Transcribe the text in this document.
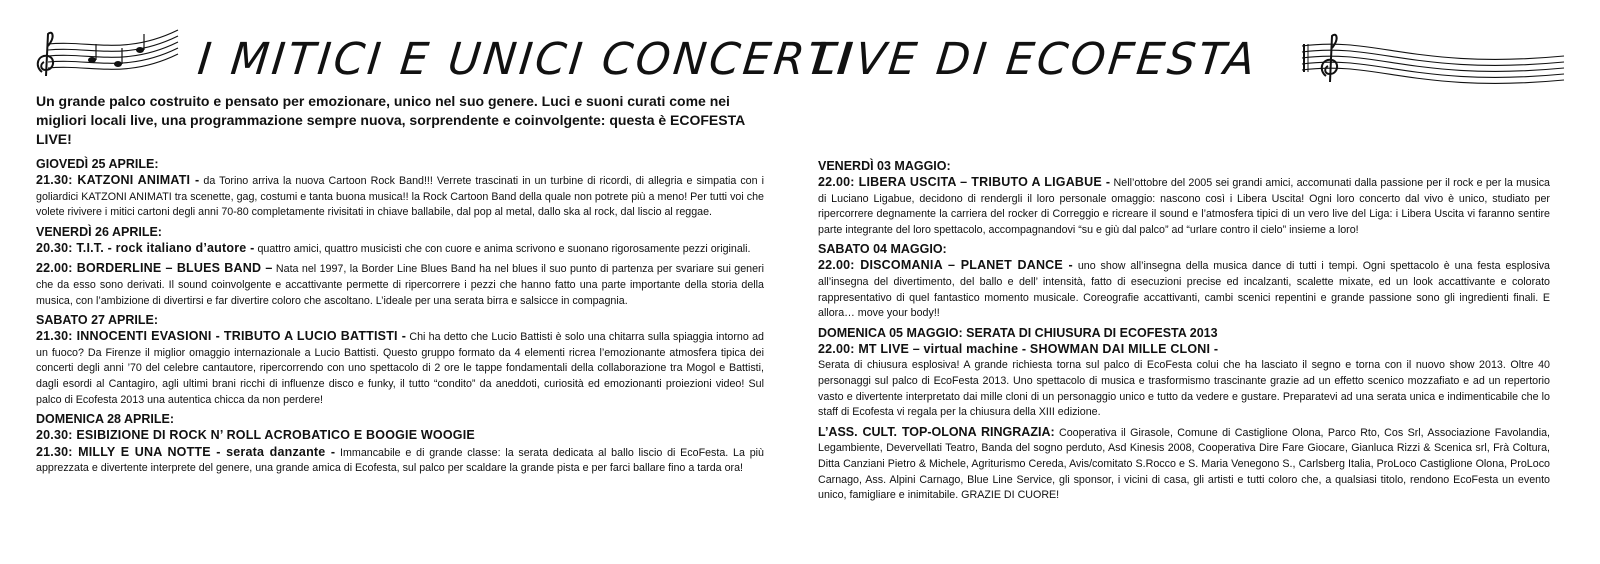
I MITICI E UNICI CONCERTI
LIVE DI ECOFESTA

Un grande palco costruito e pensato per emozionare, unico nel suo genere. Luci e suoni curati come nei migliori locali live, una programmazione sempre nuova, sorprendente e coinvolgente: questa è ECOFESTA LIVE!

GIOVEDÌ 25 APRILE:

21.30: KATZONI ANIMATI - da Torino arriva la nuova Cartoon Rock Band!!! Verrete trascinati in un turbine di ricordi, di allegria e simpatia con i goliardici KATZONI ANIMATI tra scenette, gag, costumi e tanta buona musica!! la Rock Cartoon Band della quale non potrete più a meno! Per tutti voi che volete rivivere i mitici cartoni degli anni 70-80 completamente rivisitati in chiave ballabile, dal pop al metal, dallo ska al rock, dal liscio al reggae.

VENERDÌ 26 APRILE:

20.30: T.I.T. - rock italiano d’autore - quattro amici, quattro musicisti che con cuore e anima scrivono e suonano rigorosamente pezzi originali.

22.00: BORDERLINE – BLUES BAND – Nata nel 1997, la Border Line Blues Band ha nel blues il suo punto di partenza per svariare sui generi che da esso sono derivati. Il sound coinvolgente e accattivante permette di ripercorrere i pezzi che hanno fatto una parte importante della storia della musica, con l’ambizione di divertirsi e far divertire coloro che ascoltano. L’ideale per una serata birra e salsicce in compagnia.

SABATO 27 APRILE:

21.30: INNOCENTI EVASIONI - TRIBUTO A LUCIO BATTISTI - Chi ha detto che Lucio Battisti è solo una chitarra sulla spiaggia intorno ad un fuoco? Da Firenze il miglior omaggio internazionale a Lucio Battisti. Questo gruppo formato da 4 elementi ricrea l’emozionante atmosfera tipica dei concerti degli anni ’70 del celebre cantautore, ripercorrendo con uno spettacolo di 2 ore le tappe fondamentali della collaborazione tra Mogol e Battisti, dagli esordi al Cantagiro, agli ultimi brani ricchi di influenze disco e funky, il tutto “condito” da aneddoti, curiosità ed emozionanti proiezioni video! Sul palco di Ecofesta 2013 una autentica chicca da non perdere!

DOMENICA 28 APRILE:

20.30: ESIBIZIONE DI ROCK N’ ROLL ACROBATICO E BOOGIE WOOGIE

21.30: MILLY E UNA NOTTE - serata danzante - Immancabile e di grande classe: la serata dedicata al ballo liscio di EcoFesta. La più apprezzata e divertente interprete del genere, una grande amica di Ecofesta, sul palco per scaldare la grande pista e per farci ballare fino a tarda ora!

VENERDÌ 03 MAGGIO:

22.00: LIBERA USCITA – TRIBUTO A LIGABUE - Nell’ottobre del 2005 sei grandi amici, accomunati dalla passione per il rock e per la musica di Luciano Ligabue, decidono di rendergli il loro personale omaggio: nascono così i Libera Uscita! Ogni loro concerto dal vivo è unico, studiato per ripercorrere degnamente la carriera del rocker di Correggio e ricreare il sound e l’atmosfera tipici di un vero live del Liga: i Libera Uscita vi faranno sentire parte integrante del loro spettacolo, accompagnandovi “su e giù dal palco” ad “urlare contro il cielo” insieme a loro!

SABATO 04 MAGGIO:

22.00: DISCOMANIA – PLANET DANCE - uno show all’insegna della musica dance di tutti i tempi. Ogni spettacolo è una festa esplosiva all’insegna del divertimento, del ballo e dell’ intensità, fatto di esecuzioni precise ed incalzanti, scalette mixate, ed un look accattivante e colorato rappresentativo di quel fantastico momento musicale. Coreografie accattivanti, cambi scenici repentini e grande passione sono gli ingredienti finali. E allora… move your body!!

DOMENICA 05 MAGGIO: SERATA DI CHIUSURA DI ECOFESTA 2013

22.00: MT LIVE – virtual machine - SHOWMAN DAI MILLE CLONI -

Serata di chiusura esplosiva! A grande richiesta torna sul palco di EcoFesta colui che ha lasciato il segno e torna con il nuovo show 2013. Oltre 40 personaggi sul palco di EcoFesta 2013. Uno spettacolo di musica e trasformismo trascinante grazie ad un effetto scenico mozzafiato e ad un repertorio vasto e divertente interpretato dai mille cloni di un personaggio unico e tutto da vedere e gustare. Preparatevi ad una serata unica e indimenticabile che lo staff di Ecofesta vi regala per la chiusura della XIII edizione.

L’ASS. CULT. TOP-OLONA RINGRAZIA: Cooperativa il Girasole, Comune di Castiglione Olona, Parco Rto, Cos Srl, Associazione Favolandia, Legambiente, Devervellati Teatro, Banda del sogno perduto, Asd Kinesis 2008, Cooperativa Dire Fare Giocare, Gianluca Rizzi & Scenica srl, Frà Coltura, Ditta Canziani Pietro & Michele, Agriturismo Cereda, Avis/comitato S.Rocco e S. Maria Venegono S., Carlsberg Italia, ProLoco Castiglione Olona, ProLoco Carnago, Ass. Alpini Carnago, Blue Line Service, gli sponsor, i vicini di casa, gli artisti e tutti coloro che, a qualsiasi titolo, rendono EcoFesta un evento unico, famigliare e inimitabile. GRAZIE DI CUORE!
